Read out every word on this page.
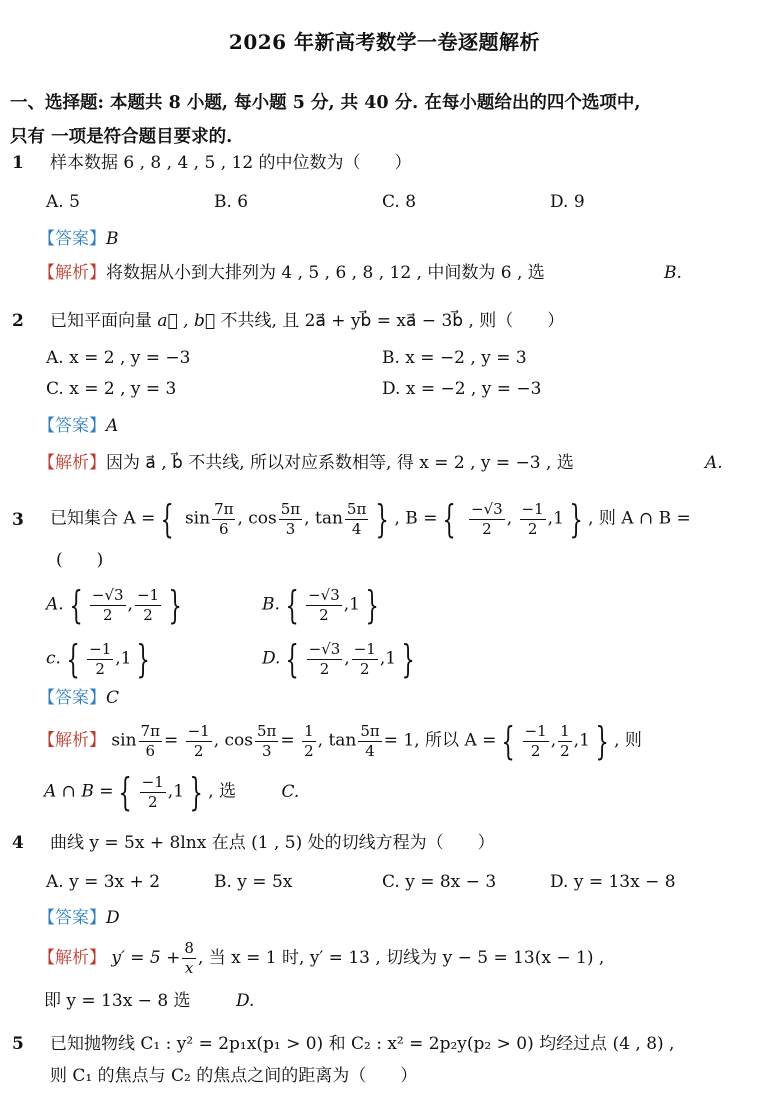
2026 年新高考数学一卷逐题解析
一、选择题: 本题共 8 小题, 每小题 5 分, 共 40 分. 在每小题给出的四个选项中,
只有 一项是符合题目要求的.
1 样本数据 6 , 8 , 4 , 5 , 12 的中位数为（　　）
A. 5	B. 6	C. 8	D. 9
【答案】B
【解析】将数据从小到大排列为 4 , 5 , 6 , 8 , 12 , 中间数为 6 , 选	B.
2 已知平面向量 a⃗ , b⃗ 不共线, 且 2a⃗ + yb⃗ = xa⃗ − 3b⃗ , 则（　　）
A. x = 2 , y = −3	B. x = −2 , y = 3
C. x = 2 , y = 3	D. x = −2 , y = −3
【答案】A
【解析】因为 a⃗ , b⃗ 不共线, 所以对应系数相等, 得 x = 2 , y = −3 , 选	A.
3 已知集合 A = { $\sin \frac{7\pi}{6}$ , $\cos \frac{5\pi}{3}$ , $\tan \frac{5\pi}{4}$ } , B = { $\frac{-√3}{2}$ , $\frac{-1}{2} ,1$ } , 则 A ∩ B =
(　　)
A. { $\frac{-√3}{2}$ , $\frac{-1}{2}$ }	B. { $\frac{-√3}{2} ,1$ }
c. { $\frac{-1}{2} ,1$ }	D. { $\frac{-√3}{2}$ , $\frac{-1}{2} ,1$ }
【答案】C
【解析】 $\sin \frac{7\pi}{6} = \frac{-1}{2}$ , $\cos \frac{5\pi}{3} = \frac{1}{2}$ , $\tan \frac{5\pi}{4} = 1$, 所以 A = { $\frac{-1}{2}$ , $\frac{1}{2} ,1$ } , 则
A ∩ B = { $\frac{-1}{2} ,1$ } , 选	C.
4 曲线 y = 5x + 8lnx 在点 (1 , 5) 处的切线方程为（　　）
A. y = 3x + 2	B. y = 5x	C. y = 8x − 3	D. y = 13x − 8
【答案】D
【解析】 $y' = 5 + \frac{8}{x}$ , 当 x = 1 时, y′ = 13 , 切线为 y − 5 = 13(x − 1) ,
即 y = 13x − 8 选	D.
5 已知抛物线 C₁ : y² = 2p₁x(p₁ > 0) 和 C₂ : x² = 2p₂y(p₂ > 0) 均经过点 (4 , 8) ,
则 C₁ 的焦点与 C₂ 的焦点之间的距离为（　　）
